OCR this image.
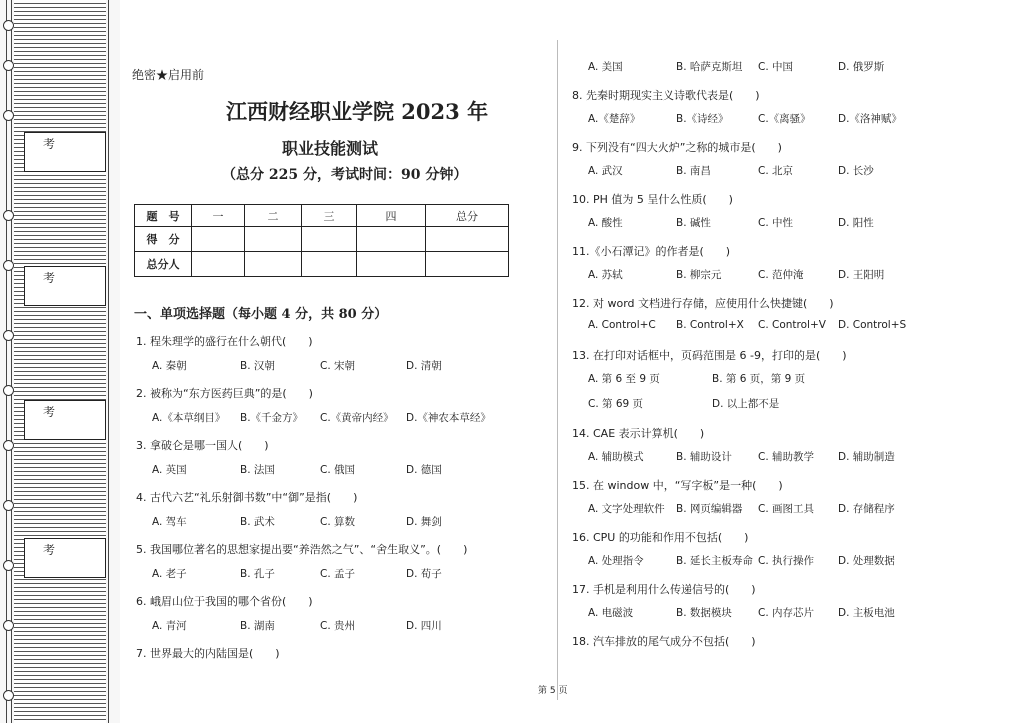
考
考
考
考
绝密★启用前
江西财经职业学院 2023 年
职业技能测试
（总分 225 分，考试时间：90 分钟）
题　号	一	二	三	四	总分
得　分					
总分人					
一、单项选择题（每小题 4 分，共 80 分）
1. 程朱理学的盛行在什么朝代(　　)
A. 秦朝	B. 汉朝	C. 宋朝	D. 清朝
2. 被称为“东方医药巨典”的是(　　)
A.《本草纲目》 B.《千金方》 C.《黄帝内经》 D.《神农本草经》
3. 拿破仑是哪一国人(　　)
A. 英国	B. 法国	C. 俄国	D. 德国
4. 古代六艺“礼乐射御书数”中“御”是指(　　)
A. 驾车	B. 武术	C. 算数	D. 舞剑
5. 我国哪位著名的思想家提出要“养浩然之气”、“舍生取义”。(　　)
A. 老子	B. 孔子	C. 孟子	D. 荀子
6. 峨眉山位于我国的哪个省份(　　)
A. 青河	B. 湖南	C. 贵州	D. 四川
7. 世界最大的内陆国是(　　)
A. 美国	B. 哈萨克斯坦 C. 中国	D. 俄罗斯
8. 先秦时期现实主义诗歌代表是(　　)
A.《楚辞》	B.《诗经》	C.《离骚》	D.《洛神赋》
9. 下列没有“四大火炉”之称的城市是(　　)
A. 武汉	B. 南昌	C. 北京	D. 长沙
10. PH 值为 5 呈什么性质(　　)
A. 酸性	B. 碱性	C. 中性	D. 阳性
11.《小石潭记》的作者是(　　)
A. 苏轼	B. 柳宗元	C. 范仲淹	D. 王阳明
12. 对 word 文档进行存储，应使用什么快捷键(　　)
A. Control+C B. Control+X C. Control+V D. Control+S
13. 在打印对话框中，页码范围是 6 -9，打印的是(　　)
A. 第 6 至 9 页	B. 第 6 页，第 9 页
C. 第 69 页	D. 以上都不是
14. CAE 表示计算机(　　)
A. 辅助模式	B. 辅助设计 C. 辅助教学 D. 辅助制造
15. 在 window 中，“写字板”是一种(　　)
A. 文字处理软件 B. 网页编辑器 C. 画图工具 D. 存储程序
16. CPU 的功能和作用不包括(　　)
A. 处理指令	B. 延长主板寿命 C. 执行操作 D. 处理数据
17. 手机是利用什么传递信号的(　　)
A. 电磁波	B. 数据模块 C. 内存芯片 D. 主板电池
18. 汽车排放的尾气成分不包括(　　)
第 5 页
